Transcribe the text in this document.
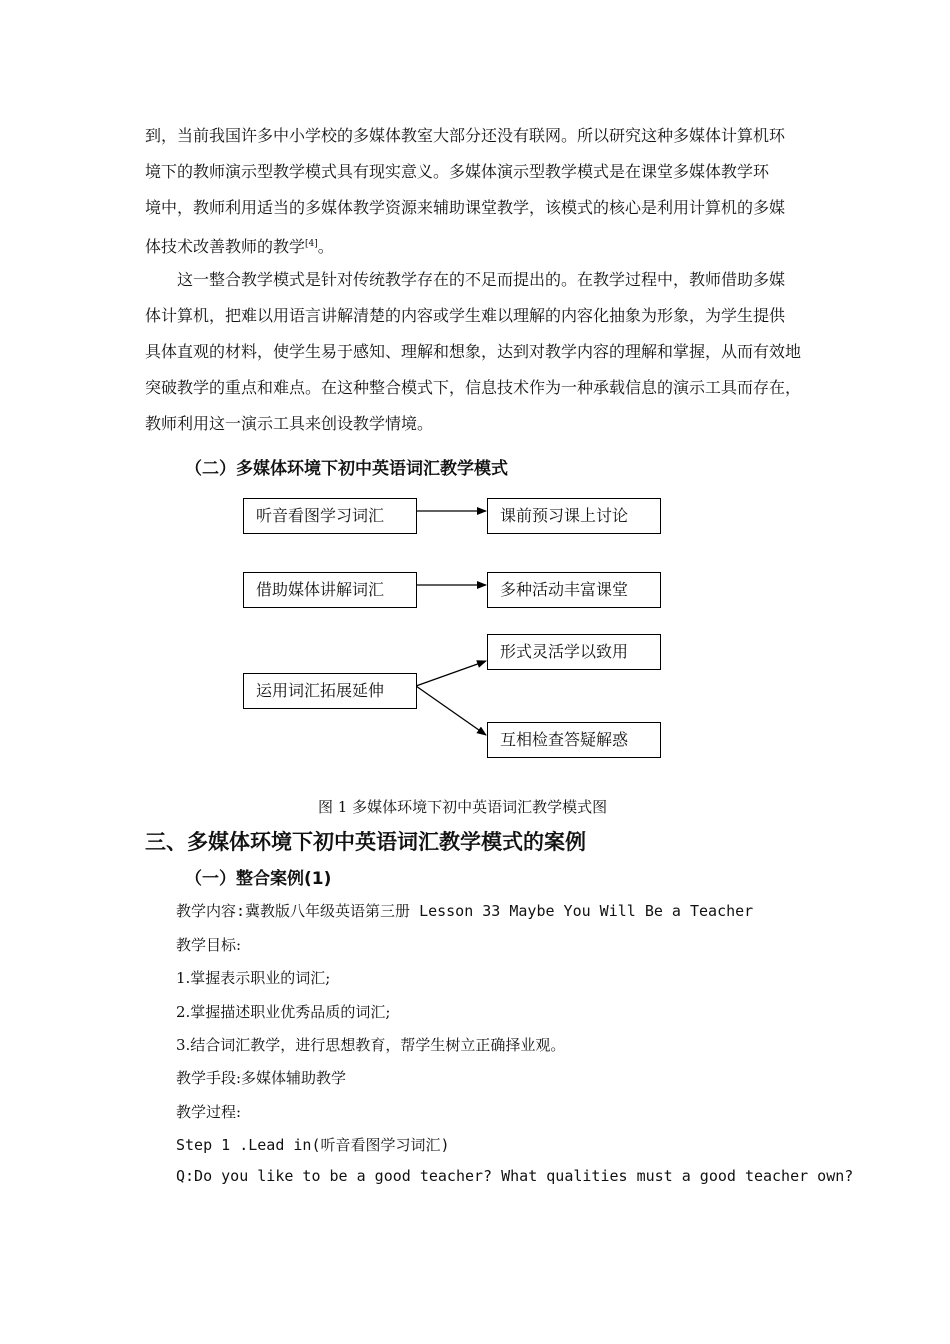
到，当前我国许多中小学校的多媒体教室大部分还没有联网。所以研究这种多媒体计算机环
境下的教师演示型教学模式具有现实意义。多媒体演示型教学模式是在课堂多媒体教学环
境中，教师利用适当的多媒体教学资源来辅助课堂教学，该模式的核心是利用计算机的多媒
体技术改善教师的教学[4]。
这一整合教学模式是针对传统教学存在的不足而提出的。在教学过程中，教师借助多媒
体计算机，把难以用语言讲解清楚的内容或学生难以理解的内容化抽象为形象，为学生提供
具体直观的材料，使学生易于感知、理解和想象，达到对教学内容的理解和掌握，从而有效地
突破教学的重点和难点。在这种整合模式下，信息技术作为一种承载信息的演示工具而存在，
教师利用这一演示工具来创设教学情境。
（二）多媒体环境下初中英语词汇教学模式
听音看图学习词汇	课前预习课上讨论
借助媒体讲解词汇	多种活动丰富课堂
形式灵活学以致用
运用词汇拓展延伸
互相检查答疑解惑
图 1 多媒体环境下初中英语词汇教学模式图
三、多媒体环境下初中英语词汇教学模式的案例
（一）整合案例(1)
教学内容:冀教版八年级英语第三册 Lesson 33 Maybe You Will Be a Teacher
教学目标:
1.掌握表示职业的词汇;
2.掌握描述职业优秀品质的词汇;
3.结合词汇教学，进行思想教育，帮学生树立正确择业观。
教学手段:多媒体辅助教学
教学过程:
Step 1 .Lead in(听音看图学习词汇)
Q:Do you like to be a good teacher? What qualities must a good teacher own?
